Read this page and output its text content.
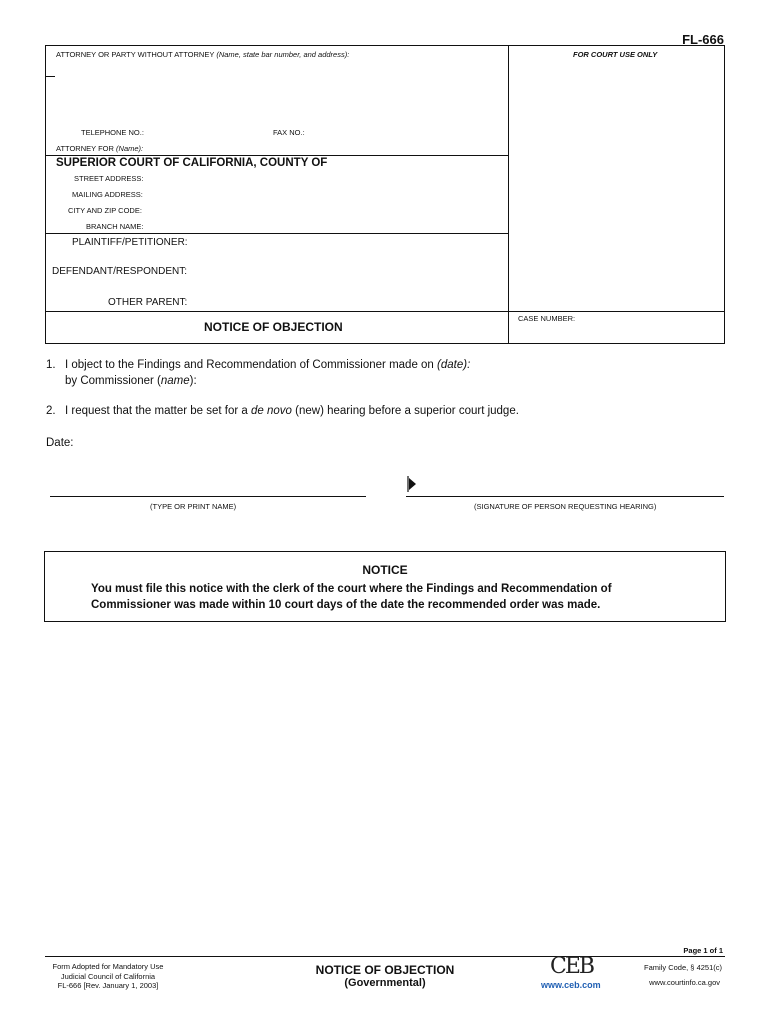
FL-666
ATTORNEY OR PARTY WITHOUT ATTORNEY (Name, state bar number, and address):
TELEPHONE NO.:	FAX NO.:
ATTORNEY FOR (Name):
SUPERIOR COURT OF CALIFORNIA, COUNTY OF
STREET ADDRESS:
MAILING ADDRESS:
CITY AND ZIP CODE:
BRANCH NAME:
PLAINTIFF/PETITIONER:
DEFENDANT/RESPONDENT:
OTHER PARENT:
NOTICE OF OBJECTION
CASE NUMBER:
FOR COURT USE ONLY
1. I object to the Findings and Recommendation of Commissioner made on (date):
by Commissioner (name):
2. I request that the matter be set for a de novo (new) hearing before a superior court judge.
Date:
(TYPE OR PRINT NAME)	(SIGNATURE OF PERSON REQUESTING HEARING)
NOTICE
You must file this notice with the clerk of the court where the Findings and Recommendation of
Commissioner was made within 10 court days of the date the recommended order was made.
Page 1 of 1
Form Adopted for Mandatory Use
Judicial Council of California
FL-666 [Rev. January 1, 2003]
NOTICE OF OBJECTION
(Governmental)
CEB
www.ceb.com
Family Code, § 4251(c)
www.courtinfo.ca.gov
